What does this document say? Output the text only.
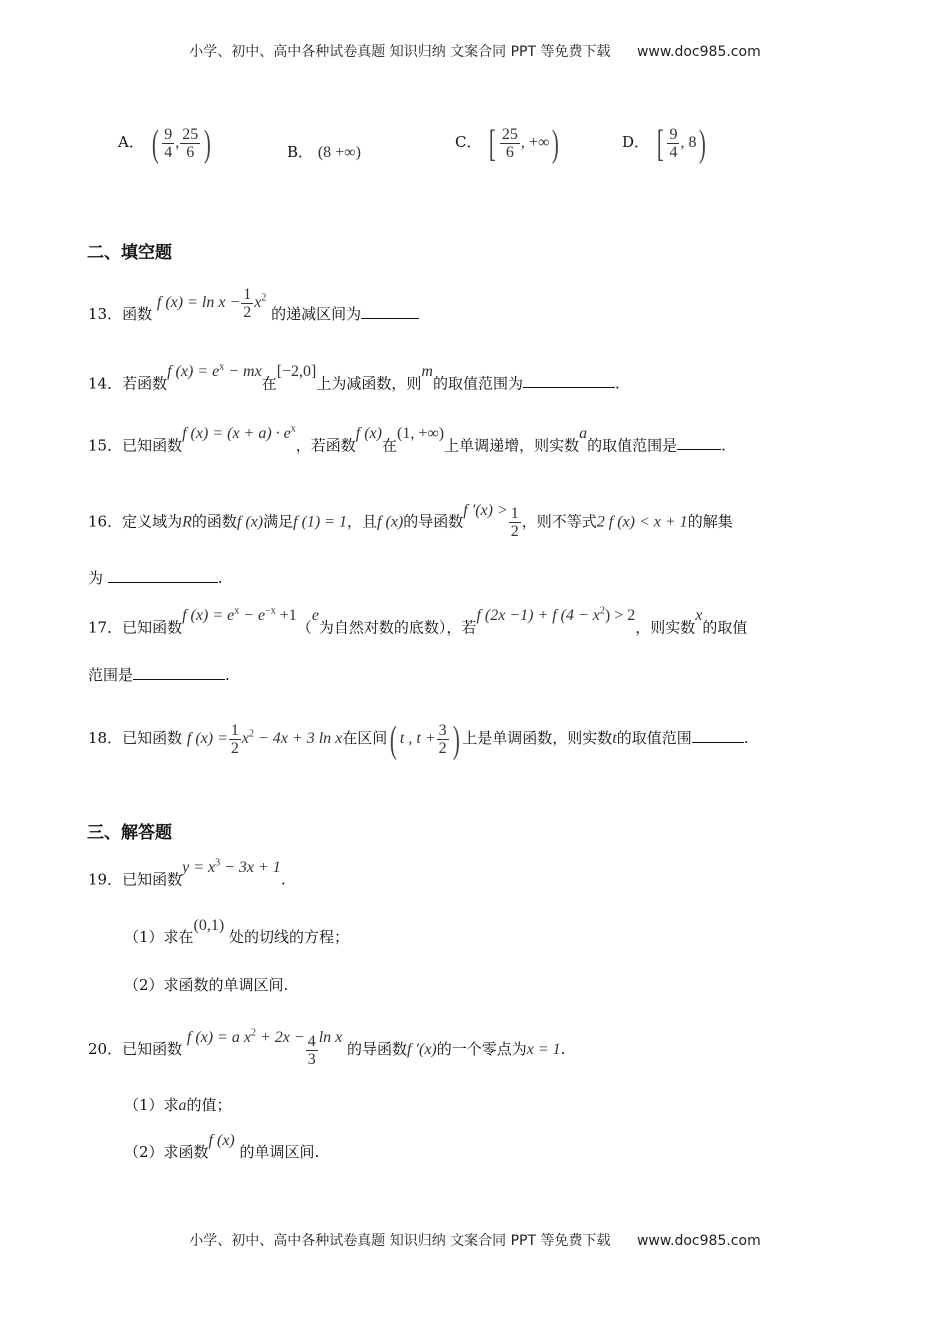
小学、初中、高中各种试卷真题 知识归纳 文案合同 PPT 等免费下载 www.doc985.com
A． ( $\frac{9}{4}$ , $\frac{25}{6}$ )	B． (8 +∞)
C． [ $\frac{25}{6}$ , +∞)	D． [ $\frac{9}{4}$ , 8)
二、填空题
13．函数 f $(x) = \ln x - \frac{1}{2} x^2$ 的递减区间为
14．若函数f $(x) = e^x$ − mx在[−2,0]上为减函数，则m的取值范围为	.
15．已知函数f $(x) = (x + a) \cdot e^x$，若函数f (x)在(1, +∞)上单调递增，则实数a的取值范围是	.
16．定义域为R的函数f (x)满足f (1) = 1，且f (x)的导函数f $'(x) > \frac{1}{2}$ ，则不等式2 f (x) < x + 1的解集
为	.
17．已知函数f $(x) = e^x - e^{-x} +1(e$为自然对数的底数），若f (2x −1) + f $(4 - x^2) > 2$，则实数x的取值
范围是	.
18．已知函数 f $(x) = \frac{1}{2} x^2 - 4x + 3$ ln x在区间( t , $t + \frac{3}{2}$ ) 上是单调函数，则实数t的取值范围	.
三、解答题
19．已知函数$y = x^3 - 3x + 1$.
（1）求在(0,1) 处的切线的方程；
（2）求函数的单调区间.
20．已知函数 f (x) = a $x^2 + 2x - \frac{4}{3}$ ln x 的导函数f ′(x)的一个零点为x = 1.
（1）求a的值；
（2）求函数f (x) 的单调区间.
小学、初中、高中各种试卷真题 知识归纳 文案合同 PPT 等免费下载 www.doc985.com
